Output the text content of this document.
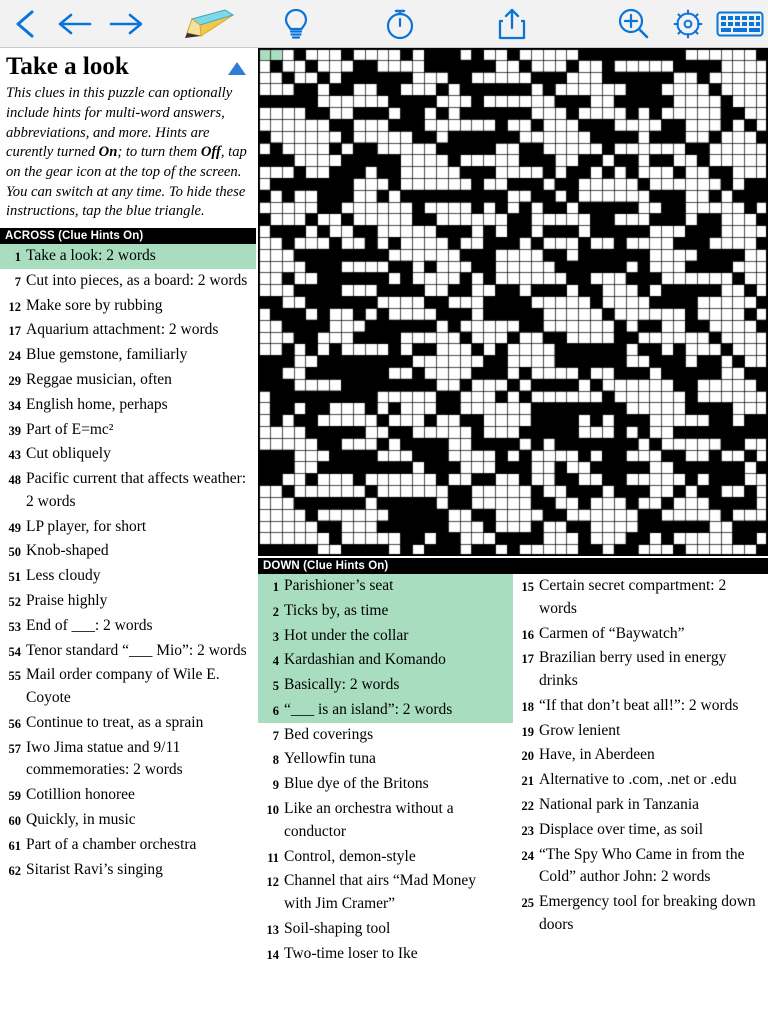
Take a look
This clues in this puzzle can optionally include hints for multi-word answers, abbreviations, and more. Hints are curently turned On; to turn them Off, tap on the gear icon at the top of the screen. You can switch at any time. To hide these instructions, tap the blue triangle.
ACROSS (Clue Hints On)
1 Take a look: 2 words
7 Cut into pieces, as a board: 2 words
12 Make sore by rubbing
17 Aquarium attachment: 2 words
24 Blue gemstone, familiarly
29 Reggae musician, often
34 English home, perhaps
39 Part of E=mc²
43 Cut obliquely
48 Pacific current that affects weather: 2 words
49 LP player, for short
50 Knob-shaped
51 Less cloudy
52 Praise highly
53 End of ___: 2 words
54 Tenor standard “___ Mio”: 2 words
55 Mail order company of Wile E. Coyote
56 Continue to treat, as a sprain
57 Iwo Jima statue and 9/11 commemoraties: 2 words
59 Cotillion honoree
60 Quickly, in music
61 Part of a chamber orchestra
62 Sitarist Ravi’s singing
DOWN (Clue Hints On)
1 Parishioner’s seat
2 Ticks by, as time
3 Hot under the collar
4 Kardashian and Komando
5 Basically: 2 words
6 “___ is an island”: 2 words
7 Bed coverings
8 Yellowfin tuna
9 Blue dye of the Britons
10 Like an orchestra without a conductor
11 Control, demon-style
12 Channel that airs “Mad Money with Jim Cramer”
13 Soil-shaping tool
14 Two-time loser to Ike
15 Certain secret compartment: 2 words
16 Carmen of “Baywatch”
17 Brazilian berry used in energy drinks
18 “If that don’t beat all!”: 2 words
19 Grow lenient
20 Have, in Aberdeen
21 Alternative to .com, .net or .edu
22 National park in Tanzania
23 Displace over time, as soil
24 “The Spy Who Came in from the Cold” author John: 2 words
25 Emergency tool for breaking down doors
